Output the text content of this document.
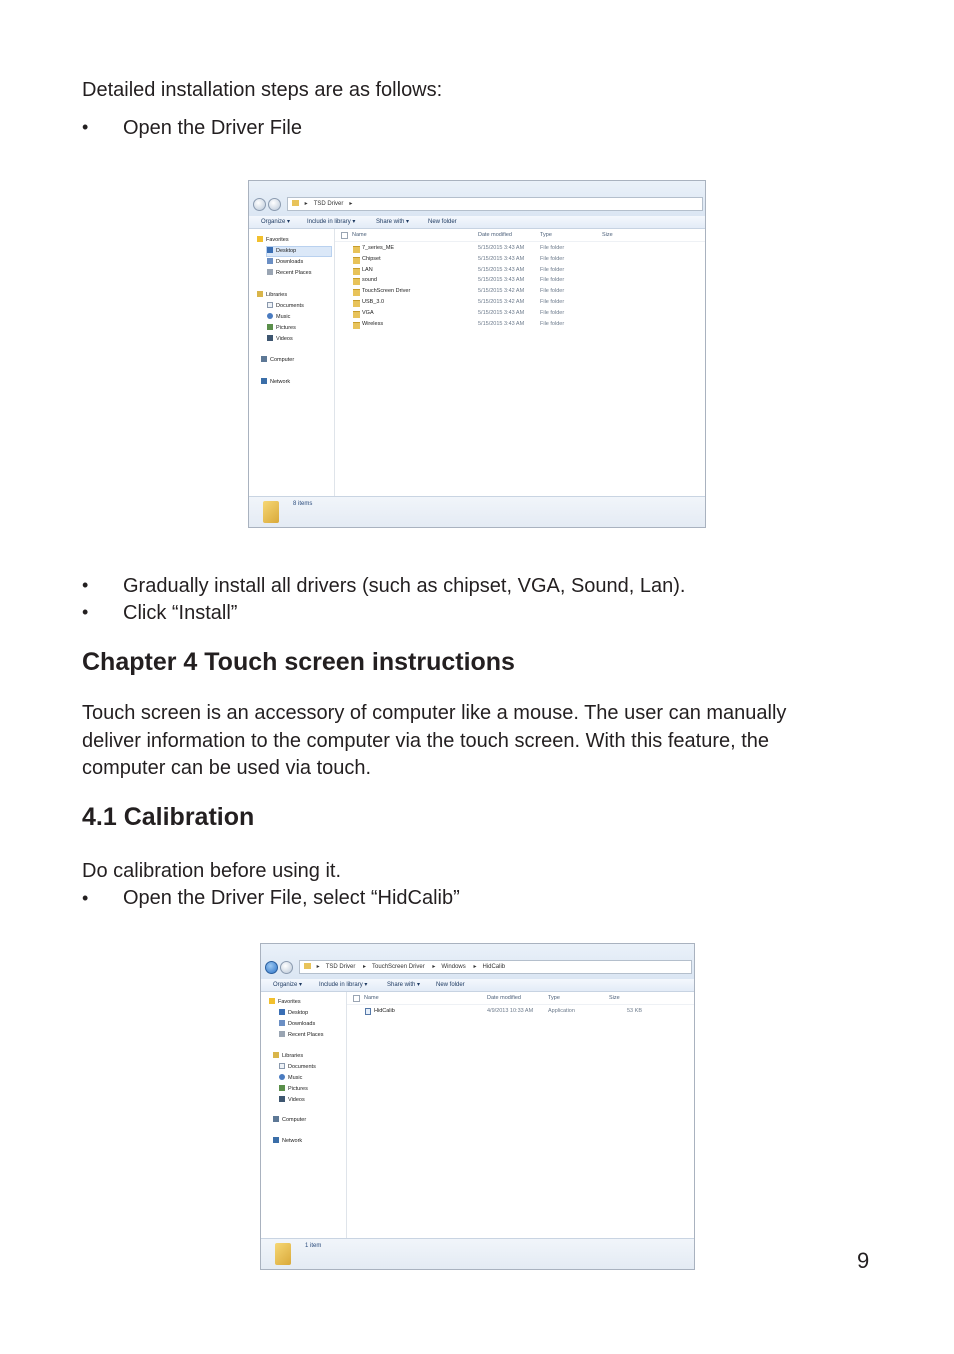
Detailed installation steps are as follows:
• Open the Driver File
▸ TSD Driver ▸
Organize ▾	Include in library ▾	Share with ▾	New folder
Favorites
Desktop
Downloads
Recent Places
Libraries
Documents
Music
Pictures
Videos
Computer
Network
Name	Date modified	Type	Size
7_series_ME	5/15/2015 3:43 AM	File folder
Chipset	5/15/2015 3:43 AM	File folder
LAN	5/15/2015 3:43 AM	File folder
sound	5/15/2015 3:43 AM	File folder
TouchScreen Driver	5/15/2015 3:42 AM	File folder
USB_3.0	5/15/2015 3:42 AM	File folder
VGA	5/15/2015 3:43 AM	File folder
Wireless	5/15/2015 3:43 AM	File folder
8 items
• Gradually install all drivers (such as chipset, VGA, Sound, Lan).
• Click “Install”
Chapter 4 Touch screen instructions
Touch screen is an accessory of computer like a mouse. The user can manually
deliver information to the computer via the touch screen. With this feature, the
computer can be used via touch.
4.1 Calibration
Do calibration before using it.
• Open the Driver File, select “HidCalib”
▸ TSD Driver ▸ TouchScreen Driver ▸ Windows ▸ HidCalib
Organize ▾	Include in library ▾	Share with ▾	New folder
Favorites
Desktop
Downloads
Recent Places
Libraries
Documents
Music
Pictures
Videos
Computer
Network
Name	Date modified	Type	Size
HidCalib	4/9/2013 10:33 AM	Application	53 KB
1 item
9
